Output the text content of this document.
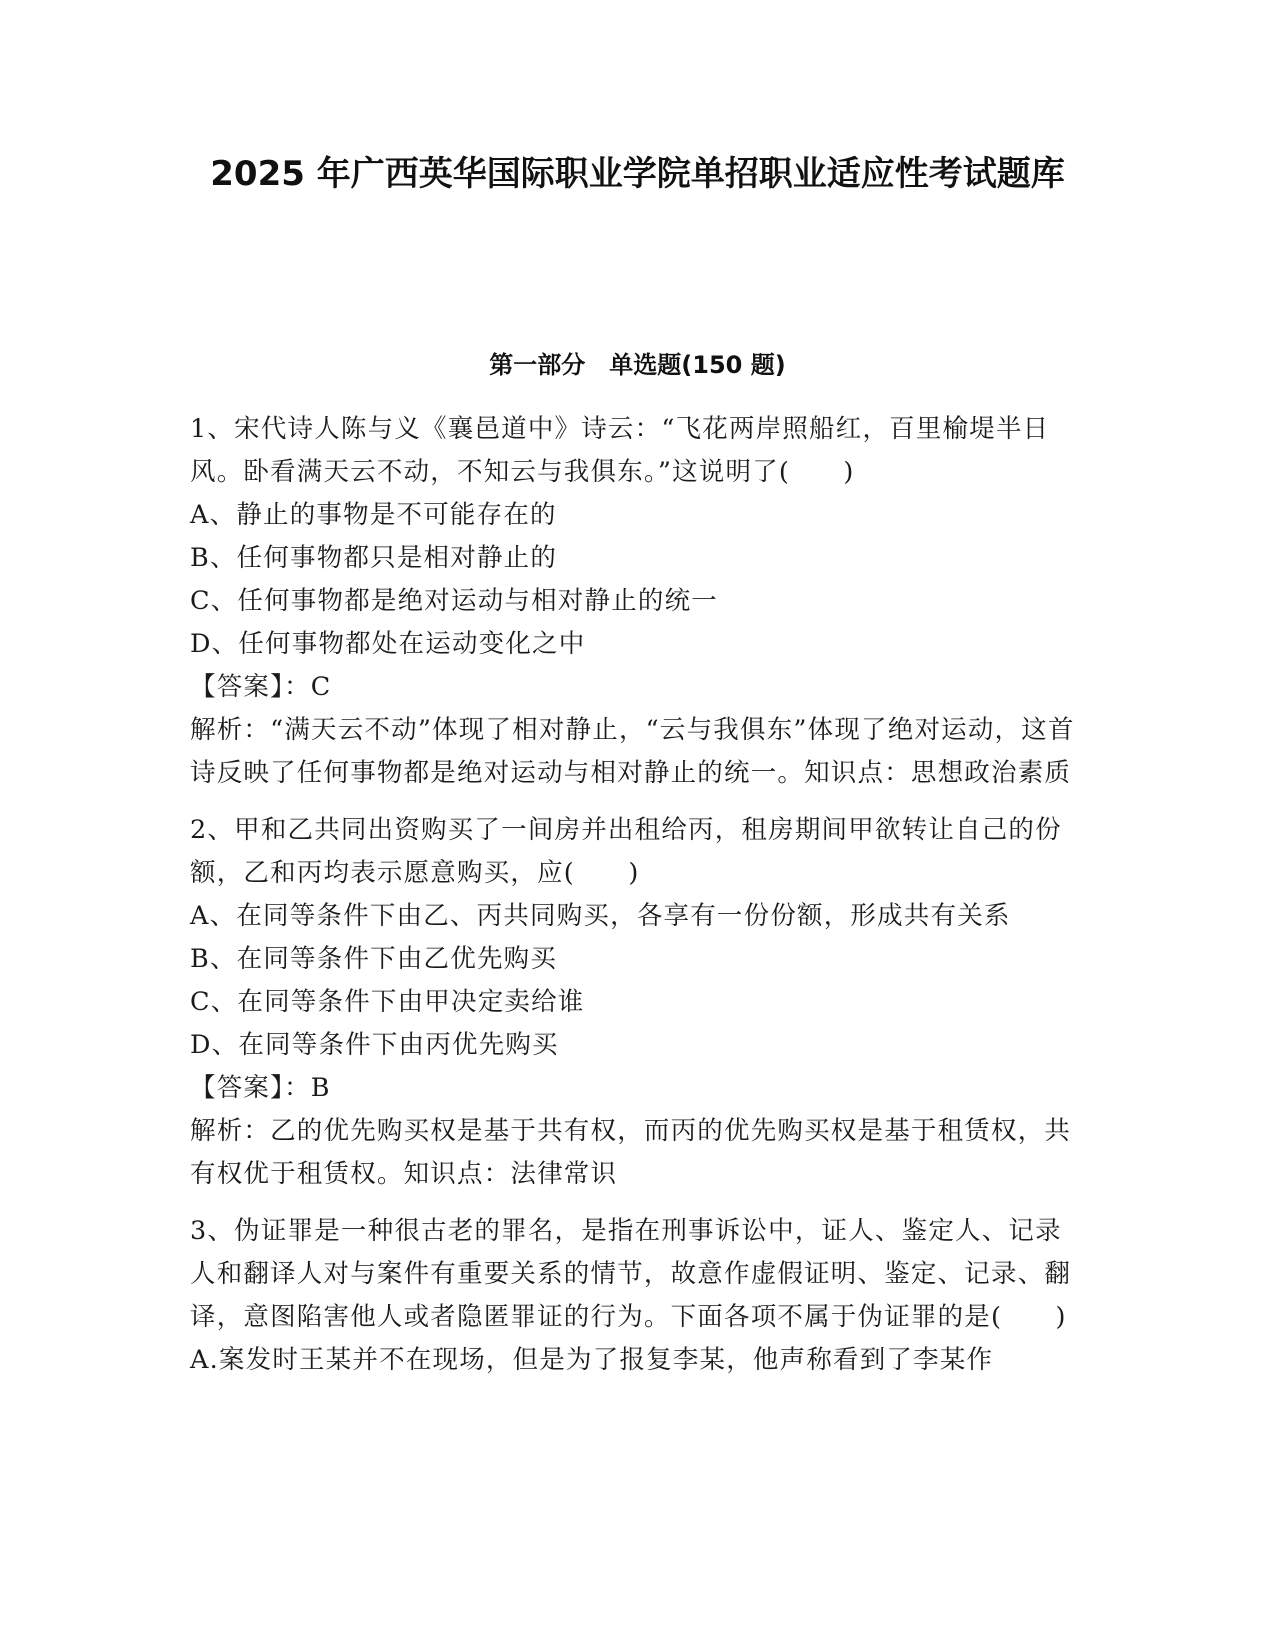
2025 年广西英华国际职业学院单招职业适应性考试题库
第一部分　单选题(150 题)

1、宋代诗人陈与义《襄邑道中》诗云：“飞花两岸照船红，百里榆堤半日风。卧看满天云不动，不知云与我俱东。”这说明了(　　)

A、静止的事物是不可能存在的

B、任何事物都只是相对静止的

C、任何事物都是绝对运动与相对静止的统一

D、任何事物都处在运动变化之中

【答案】：C

解析：“满天云不动”体现了相对静止，“云与我俱东”体现了绝对运动，这首诗反映了任何事物都是绝对运动与相对静止的统一。知识点：思想政治素质

2、甲和乙共同出资购买了一间房并出租给丙，租房期间甲欲转让自己的份额，乙和丙均表示愿意购买，应(　　)

A、在同等条件下由乙、丙共同购买，各享有一份份额，形成共有关系

B、在同等条件下由乙优先购买

C、在同等条件下由甲决定卖给谁

D、在同等条件下由丙优先购买

【答案】：B

解析：乙的优先购买权是基于共有权，而丙的优先购买权是基于租赁权，共有权优于租赁权。知识点：法律常识

3、伪证罪是一种很古老的罪名，是指在刑事诉讼中，证人、鉴定人、记录人和翻译人对与案件有重要关系的情节，故意作虚假证明、鉴定、记录、翻译，意图陷害他人或者隐匿罪证的行为。下面各项不属于伪证罪的是(　　)

A.案发时王某并不在现场，但是为了报复李某，他声称看到了李某作
